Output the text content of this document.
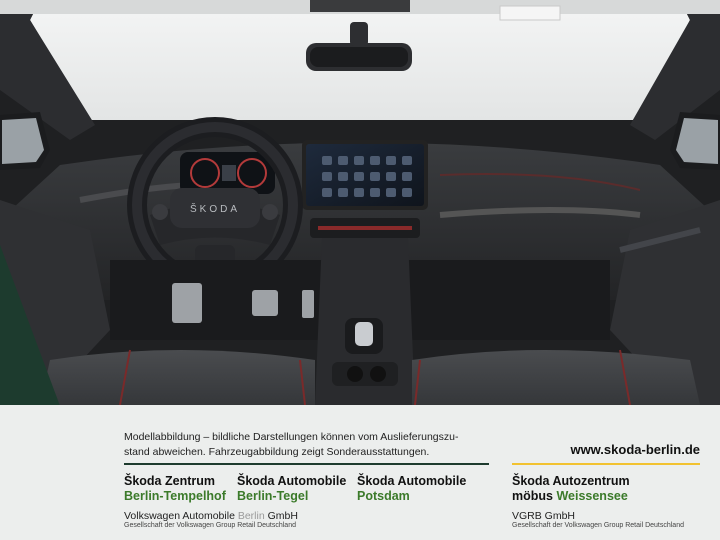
ŠKODA
Modellabbildung – bildliche Darstellungen können vom Auslieferungszu-
stand abweichen. Fahrzeugabbildung zeigt Sonderausstattungen.	www.skoda-berlin.de
Škoda Zentrum
Berlin-Tempelhof
Škoda Automobile
Berlin-Tegel
Škoda Automobile
Potsdam
Škoda Autozentrum
möbus Weissensee
Volkswagen Automobile Berlin GmbH
Gesellschaft der Volkswagen Group Retail Deutschland
VGRB GmbH
Gesellschaft der Volkswagen Group Retail Deutschland
